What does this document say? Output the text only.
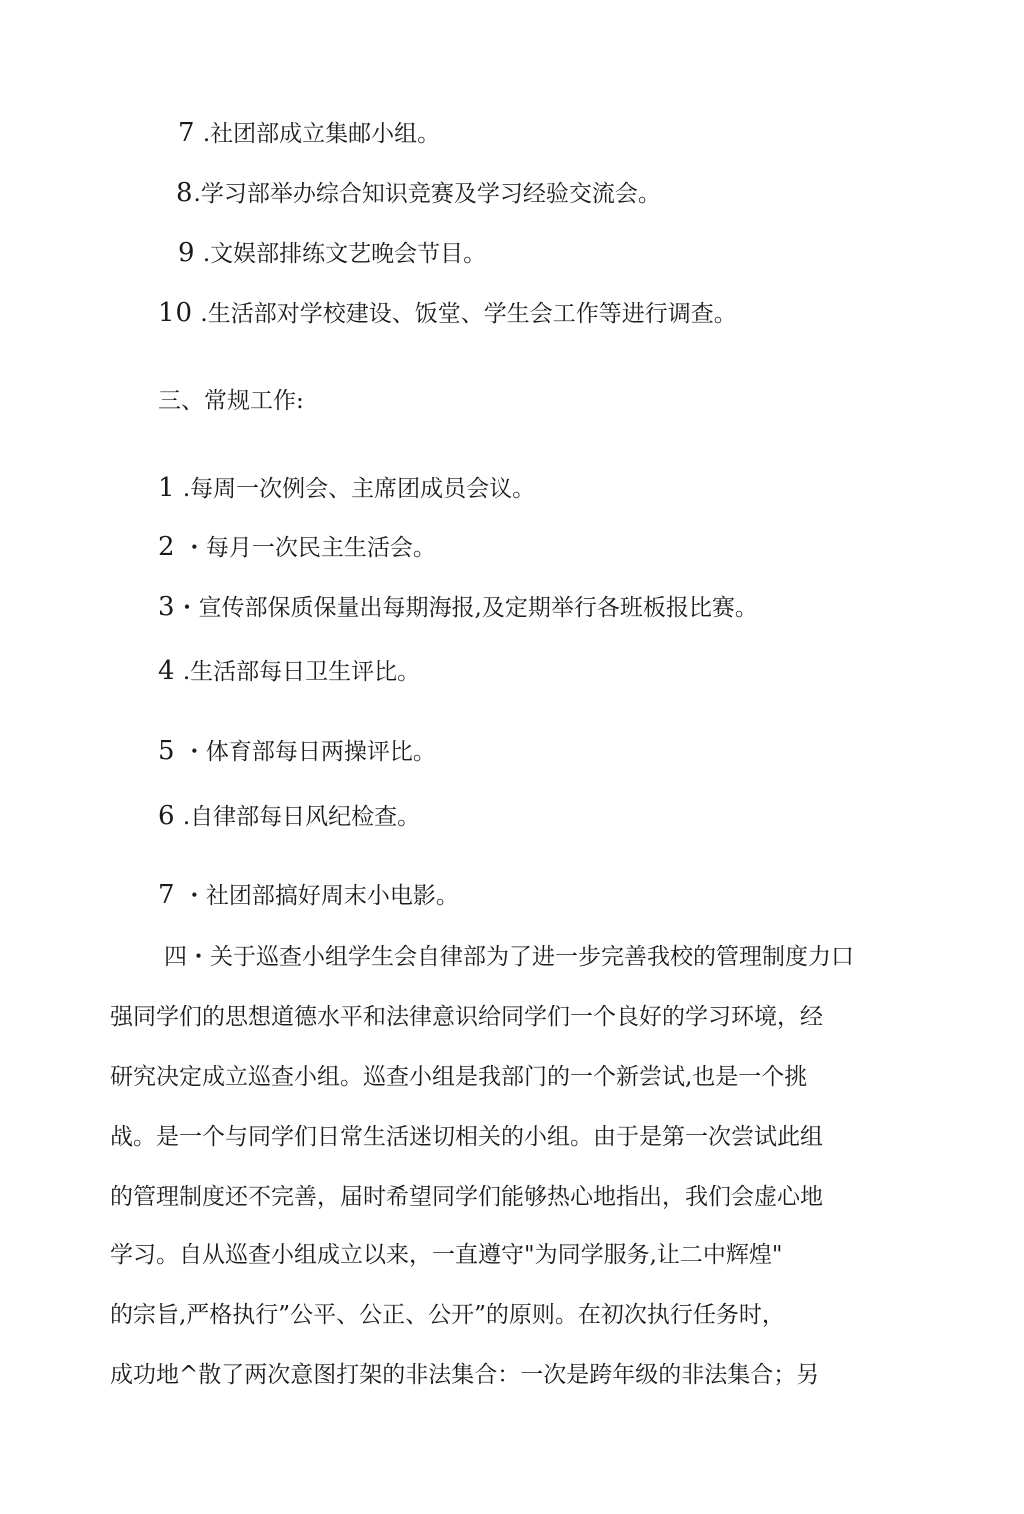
7 .社团部成立集邮小组。
8.学习部举办综合知识竞赛及学习经验交流会。
9 .文娱部排练文艺晚会节目。
10 .生活部对学校建设、饭堂、学生会工作等进行调查。
三、常规工作:
1 .每周一次例会、主席团成员会议。
2 ・每月一次民主生活会。
3・宣传部保质保量出每期海报,及定期举行各班板报比赛。
4 .生活部每日卫生评比。
5 ・体育部每日两操评比。
6 .自律部每日风纪检查。
7 ・社团部搞好周末小电影。
四・关于巡查小组学生会自律部为了进一步完善我校的管理制度力口
强同学们的思想道德水平和法律意识给同学们一个良好的学习环境，经
研究决定成立巡查小组。巡查小组是我部门的一个新尝试,也是一个挑
战。是一个与同学们日常生活迷切相关的小组。由于是第一次尝试此组
的管理制度还不完善，届时希望同学们能够热心地指出，我们会虚心地
学习。自从巡查小组成立以来，一直遵守"为同学服务,让二中辉煌"
的宗旨,严格执行”公平、公正、公开”的原则。在初次执行任务时，
成功地^散了两次意图打架的非法集合：一次是跨年级的非法集合；另
